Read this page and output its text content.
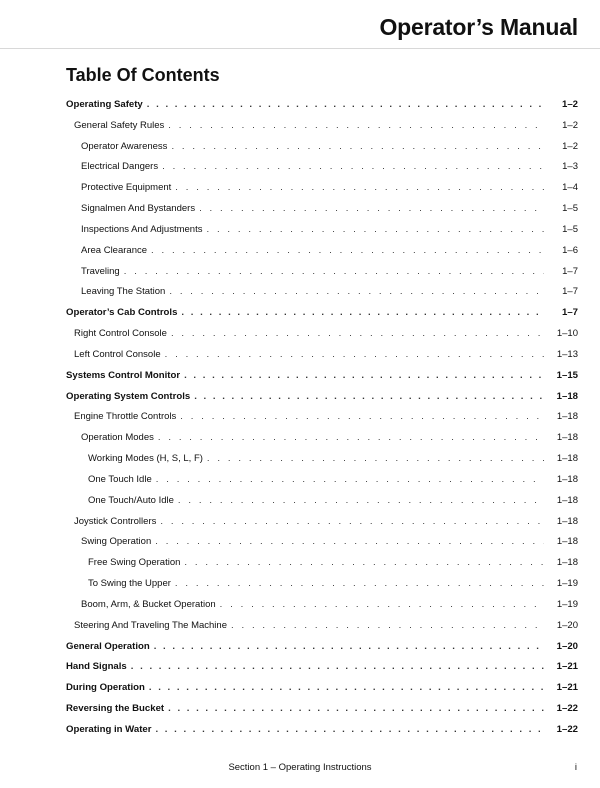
Operator’s Manual
Table Of Contents
Operating Safety . . .	1–2
General Safety Rules . . .	1–2
Operator Awareness . . .	1–2
Electrical Dangers . . .	1–3
Protective Equipment . . .	1–4
Signalmen And Bystanders . . .	1–5
Inspections And Adjustments . . .	1–5
Area Clearance . . .	1–6
Traveling . . .	1–7
Leaving The Station . . .	1–7
Operator’s Cab Controls . . .	1–7
Right Control Console . . .	1–10
Left Control Console . . .	1–13
Systems Control Monitor . . .	1–15
Operating System Controls . . .	1–18
Engine Throttle Controls . . .	1–18
Operation Modes . . .	1–18
Working Modes (H, S, L, F) . . .	1–18
One Touch Idle . . .	1–18
One Touch/Auto Idle . . .	1–18
Joystick Controllers . . .	1–18
Swing Operation . . .	1–18
Free Swing Operation . . .	1–18
To Swing the Upper . . .	1–19
Boom, Arm, & Bucket Operation . . .	1–19
Steering And Traveling The Machine . . .	1–20
General Operation . . .	1–20
Hand Signals . . .	1–21
During Operation . . .	1–21
Reversing the Bucket . . .	1–22
Operating in Water . . .	1–22
Section 1 – Operating Instructions	i
